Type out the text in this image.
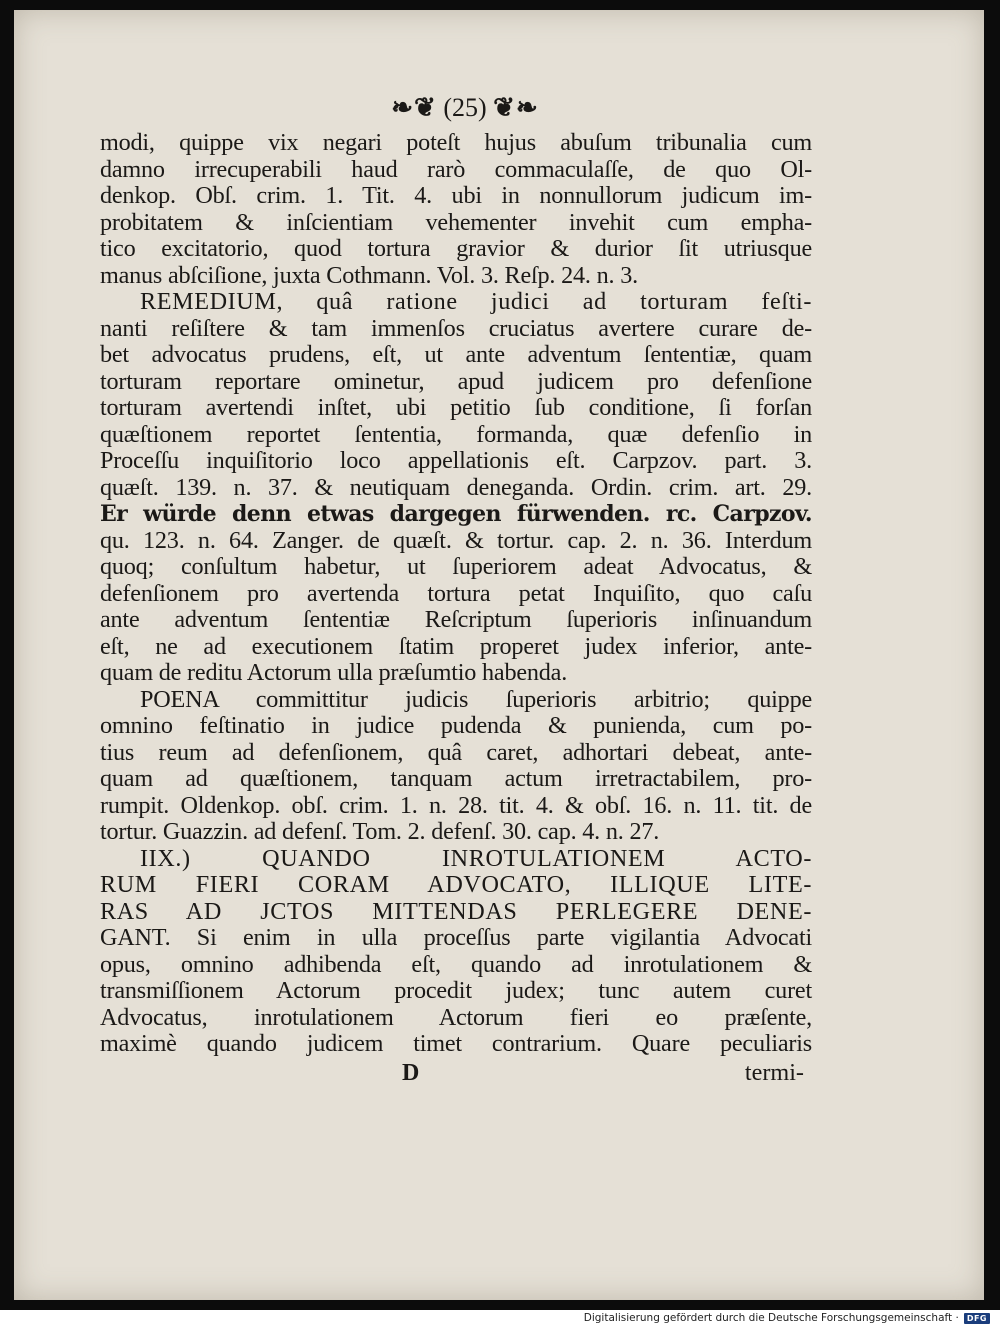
❧❦ (25) ❦❧
modi, quippe vix negari poteſt hujus abuſum tribunalia cum
damno irrecuperabili haud rarò commaculaſſe, de quo Ol-
denkop. Obſ. crim. 1. Tit. 4. ubi in nonnullorum judicum im-
probitatem & inſcientiam vehementer invehit cum empha-
tico excitatorio, quod tortura gravior & durior ſit utriusque
manus abſciſione, juxta Cothmann. Vol. 3. Reſp. 24. n. 3.
REMEDIUM, quâ ratione judici ad torturam feſti-
nanti reſiſtere & tam immenſos cruciatus avertere curare de-
bet advocatus prudens, eſt, ut ante adventum ſententiæ, quam
torturam reportare ominetur, apud judicem pro defenſione
torturam avertendi inſtet, ubi petitio ſub conditione, ſi forſan
quæſtionem reportet ſententia, formanda, quæ defenſio in
Proceſſu inquiſitorio loco appellationis eſt. Carpzov. part. 3.
quæſt. 139. n. 37. & neutiquam deneganda. Ordin. crim. art. 29.
Er würde denn etwas dargegen fürwenden. rc. Carpzov.
qu. 123. n. 64. Zanger. de quæſt. & tortur. cap. 2. n. 36. Interdum
quoq; conſultum habetur, ut ſuperiorem adeat Advocatus, &
defenſionem pro avertenda tortura petat Inquiſito, quo caſu
ante adventum ſententiæ Reſcriptum ſuperioris inſinuandum
eſt, ne ad executionem ſtatim properet judex inferior, ante-
quam de reditu Actorum ulla præſumtio habenda.
POENA committitur judicis ſuperioris arbitrio; quippe
omnino feſtinatio in judice pudenda & punienda, cum po-
tius reum ad defenſionem, quâ caret, adhortari debeat, ante-
quam ad quæſtionem, tanquam actum irretractabilem, pro-
rumpit. Oldenkop. obſ. crim. 1. n. 28. tit. 4. & obſ. 16. n. 11. tit. de
tortur. Guazzin. ad defenſ. Tom. 2. defenſ. 30. cap. 4. n. 27.
IIX.) QUANDO INROTULATIONEM ACTO-
RUM FIERI CORAM ADVOCATO, ILLIQUE LITE-
RAS AD JCTOS MITTENDAS PERLEGERE DENE-
GANT. Si enim in ulla proceſſus parte vigilantia Advocati
opus, omnino adhibenda eſt, quando ad inrotulationem &
transmiſſionem Actorum procedit judex; tunc autem curet
Advocatus, inrotulationem Actorum fieri eo præſente,
maximè quando judicem timet contrarium. Quare peculiaris
D	termi-
Digitalisierung gefördert durch die Deutsche Forschungsgemeinschaft ·	DFG
